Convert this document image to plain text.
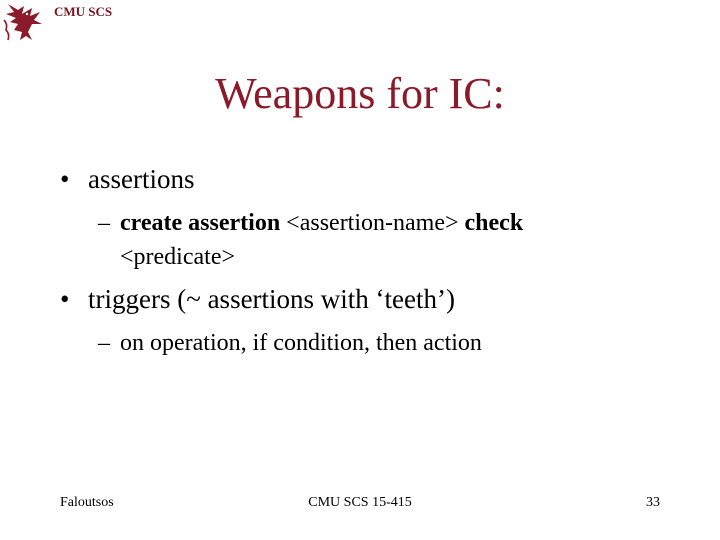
CMU SCS
Weapons for IC:
• assertions
– create assertion <assertion-name> check
<predicate>
• triggers (~ assertions with ‘teeth’)
– on operation, if condition, then action
Faloutsos	CMU SCS 15-415	33
